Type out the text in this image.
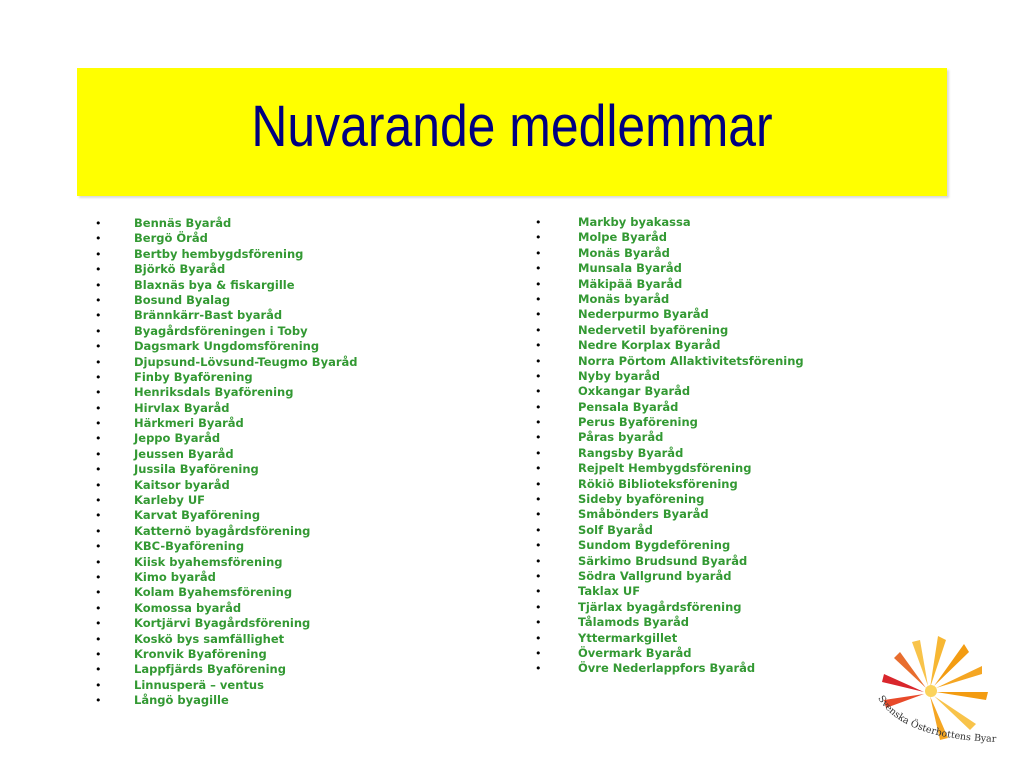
Nuvarande medlemmar
•	Bennäs Byaråd
•	Bergö Öråd
•	Bertby hembygdsförening
•	Björkö Byaråd
•	Blaxnäs bya & fiskargille
•	Bosund Byalag
•	Brännkärr-Bast byaråd
•	Byagårdsföreningen i Toby
•	Dagsmark Ungdomsförening
•	Djupsund-Lövsund-Teugmo Byaråd
•	Finby Byaförening
•	Henriksdals Byaförening
•	Hirvlax Byaråd
•	Härkmeri Byaråd
•	Jeppo Byaråd
•	Jeussen Byaråd
•	Jussila Byaförening
•	Kaitsor byaråd
•	Karleby UF
•	Karvat Byaförening
•	Katternö byagårdsförening
•	KBC-Byaförening
•	Kiisk byahemsförening
•	Kimo byaråd
•	Kolam Byahemsförening
•	Komossa byaråd
•	Kortjärvi Byagårdsförening
•	Koskö bys samfällighet
•	Kronvik Byaförening
•	Lappfjärds Byaförening
•	Linnusperä – ventus
•	Långö byagille
•	Markby byakassa
•	Molpe Byaråd
•	Monäs Byaråd
•	Munsala Byaråd
•	Mäkipää Byaråd
•	Monäs byaråd
•	Nederpurmo Byaråd
•	Nedervetil byaförening
•	Nedre Korplax Byaråd
•	Norra Pörtom Allaktivitetsförening
•	Nyby byaråd
•	Oxkangar Byaråd
•	Pensala Byaråd
•	Perus Byaförening
•	Påras byaråd
•	Rangsby Byaråd
•	Rejpelt Hembygdsförening
•	Rökiö Biblioteksförening
•	Sideby byaförening
•	Småbönders Byaråd
•	Solf Byaråd
•	Sundom Bygdeförening
•	Särkimo Brudsund Byaråd
•	Södra Vallgrund byaråd
•	Taklax UF
•	Tjärlax byagårdsförening
•	Tålamods Byaråd
•	Yttermarkgillet
•	Övermark Byaråd
•	Övre Nederlappfors Byaråd
Svenska Österbottens Byar
